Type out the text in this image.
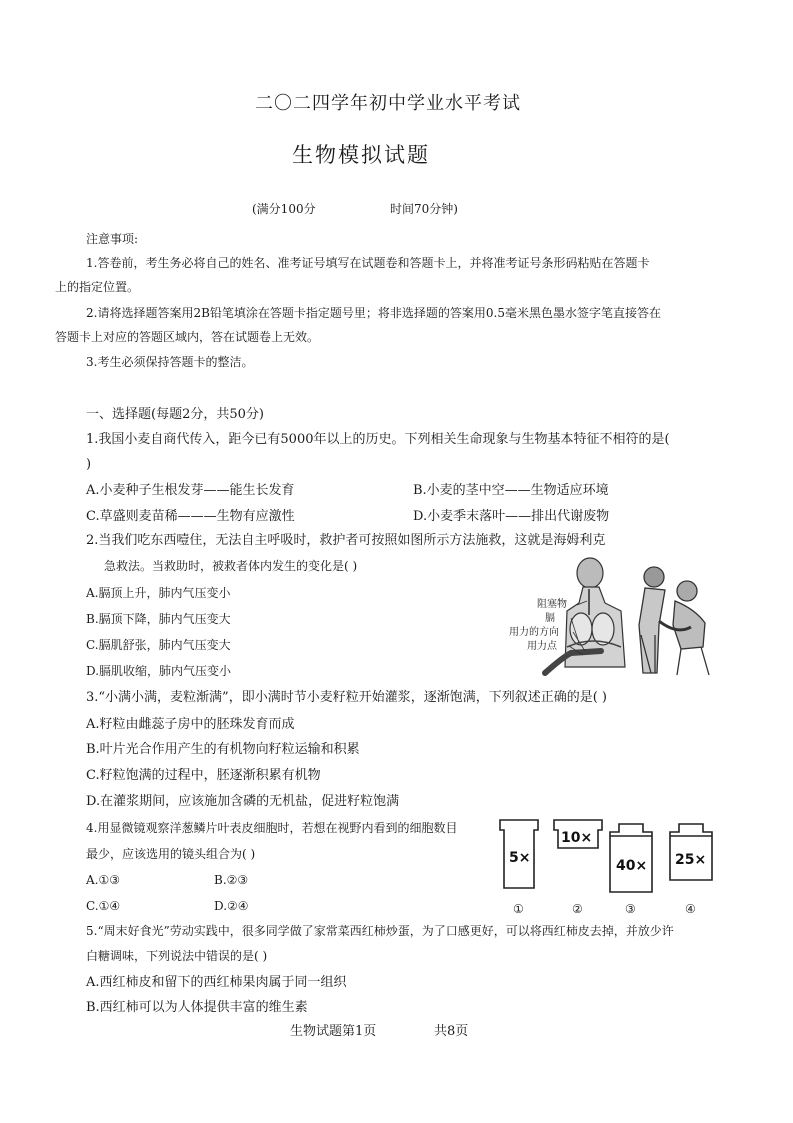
二〇二四学年初中学业水平考试
生物模拟试题
(满分100分	时间70分钟)
注意事项:
1.答卷前，考生务必将自己的姓名、准考证号填写在试题卷和答题卡上，并将准考证号条形码粘贴在答题卡
上的指定位置。
2.请将选择题答案用2B铅笔填涂在答题卡指定题号里；将非选择题的答案用0.5毫米黑色墨水签字笔直接答在
答题卡上对应的答题区域内，答在试题卷上无效。
3.考生必须保持答题卡的整洁。
一、选择题(每题2分，共50分)
1.我国小麦自商代传入，距今已有5000年以上的历史。下列相关生命现象与生物基本特征不相符的是(
)
A.小麦种子生根发芽——能生长发育	B.小麦的茎中空——生物适应环境
C.草盛则麦苗稀———生物有应激性	D.小麦季末落叶——排出代谢废物
2.当我们吃东西噎住，无法自主呼吸时，救护者可按照如图所示方法施救，这就是海姆利克
急救法。当救助时，被救者体内发生的变化是( )
A.膈顶上升，肺内气压变小
B.膈顶下降，肺内气压变大
C.膈肌舒张，肺内气压变大
D.膈肌收缩，肺内气压变小
阻塞物
膈
用力的方向
用力点
3.“小满小满，麦粒渐满”，即小满时节小麦籽粒开始灌浆，逐渐饱满，下列叙述正确的是( )
A.籽粒由雌蕊子房中的胚珠发育而成
B.叶片光合作用产生的有机物向籽粒运输和积累
C.籽粒饱满的过程中，胚逐渐积累有机物
D.在灌浆期间，应该施加含磷的无机盐，促进籽粒饱满
4.用显微镜观察洋葱鳞片叶表皮细胞时，若想在视野内看到的细胞数目
最少，应该选用的镜头组合为( )
A.①③	B.②③
C.①④	D.②④
5×
10×
40× 25×
①	②	③	④
5.“周末好食光”劳动实践中，很多同学做了家常菜西红柿炒蛋，为了口感更好，可以将西红柿皮去掉，并放少许
白糖调味，下列说法中错误的是( )
A.西红柿皮和留下的西红柿果肉属于同一组织
B.西红柿可以为人体提供丰富的维生素
生物试题第1页	共8页
